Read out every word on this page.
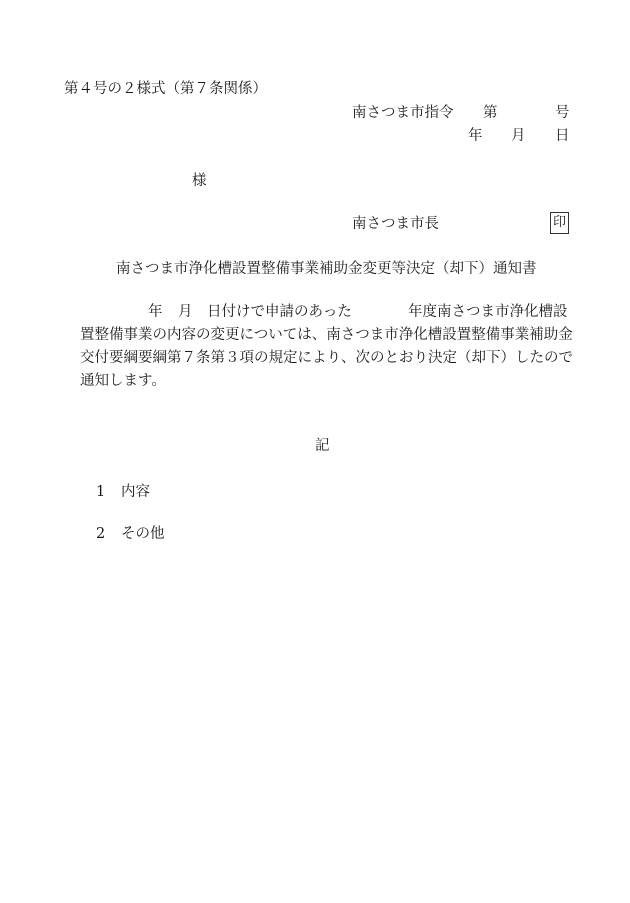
第４号の２様式（第７条関係）
南さつま市指令 第	号
年 月 日
様
南さつま市長	印
南さつま市浄化槽設置整備事業補助金変更等決定（却下）通知書
年 月 日付けで申請のあった	年度南さつま市浄化槽設
置整備事業の内容の変更については、南さつま市浄化槽設置整備事業補助金
交付要綱要綱第７条第３項の規定により、次のとおり決定（却下）したので
通知します。
記
1 内容
2 その他
